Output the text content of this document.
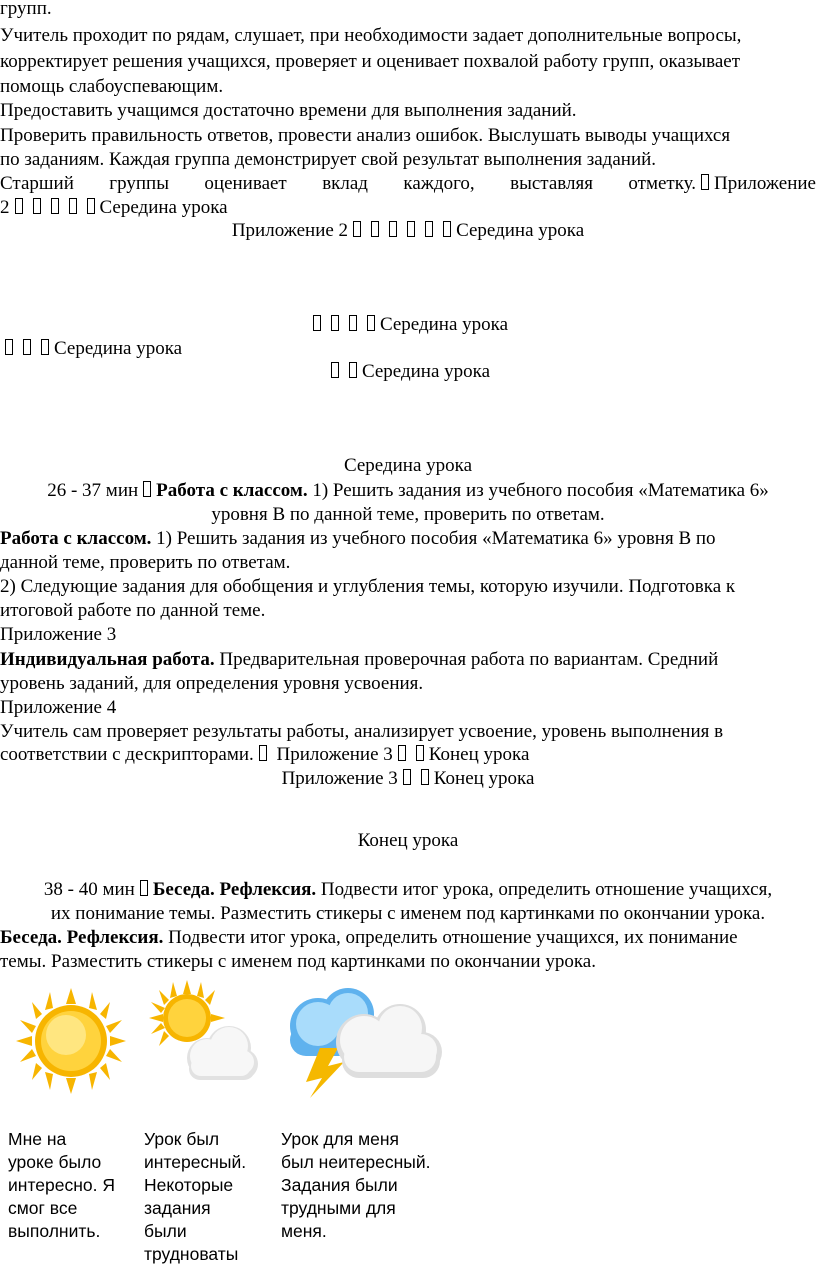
групп.
Учитель проходит по рядам, слушает, при необходимости задает дополнительные вопросы,
корректирует решения учащихся, проверяет и оценивает похвалой работу групп, оказывает
помощь слабоуспевающим.
Предоставить учащимся достаточно времени для выполнения заданий.
Проверить правильность ответов, провести анализ ошибок. Выслушать выводы учащихся
по заданиям. Каждая группа демонстрирует свой результат выполнения заданий.
Старший группы оценивает вклад каждого, выставляя отметку. Приложение
2	Середина урока
Приложение 2	Середина урока
Середина урока
Середина урока
Середина урока
Середина урока
26 - 37 мин Работа с классом. 1) Решить задания из учебного пособия «Математика 6»
уровня В по данной теме, проверить по ответам.
Работа с классом. 1) Решить задания из учебного пособия «Математика 6» уровня В по
данной теме, проверить по ответам.
2) Следующие задания для обобщения и углубления темы, которую изучили. Подготовка к
итоговой работе по данной теме.
Приложение 3
Индивидуальная работа. Предварительная проверочная работа по вариантам. Средний
уровень заданий, для определения уровня усвоения.
Приложение 4
Учитель сам проверяет результаты работы, анализирует усвоение, уровень выполнения в
соответствии с дескрипторами. Приложение 3 Конец урока
Приложение 3 Конец урока
Конец урока
38 - 40 мин Беседа. Рефлексия. Подвести итог урока, определить отношение учащихся,
их понимание темы. Разместить стикеры с именем под картинками по окончании урока.
Беседа. Рефлексия. Подвести итог урока, определить отношение учащихся, их понимание
темы. Разместить стикеры с именем под картинками по окончании урока.
Мне на
уроке было
интересно. Я
смог все
выполнить.
Урок был
интересный.
Некоторые
задания
были
трудноваты
Урок для меня
был неитересный.
Задания были
трудными для
меня.
